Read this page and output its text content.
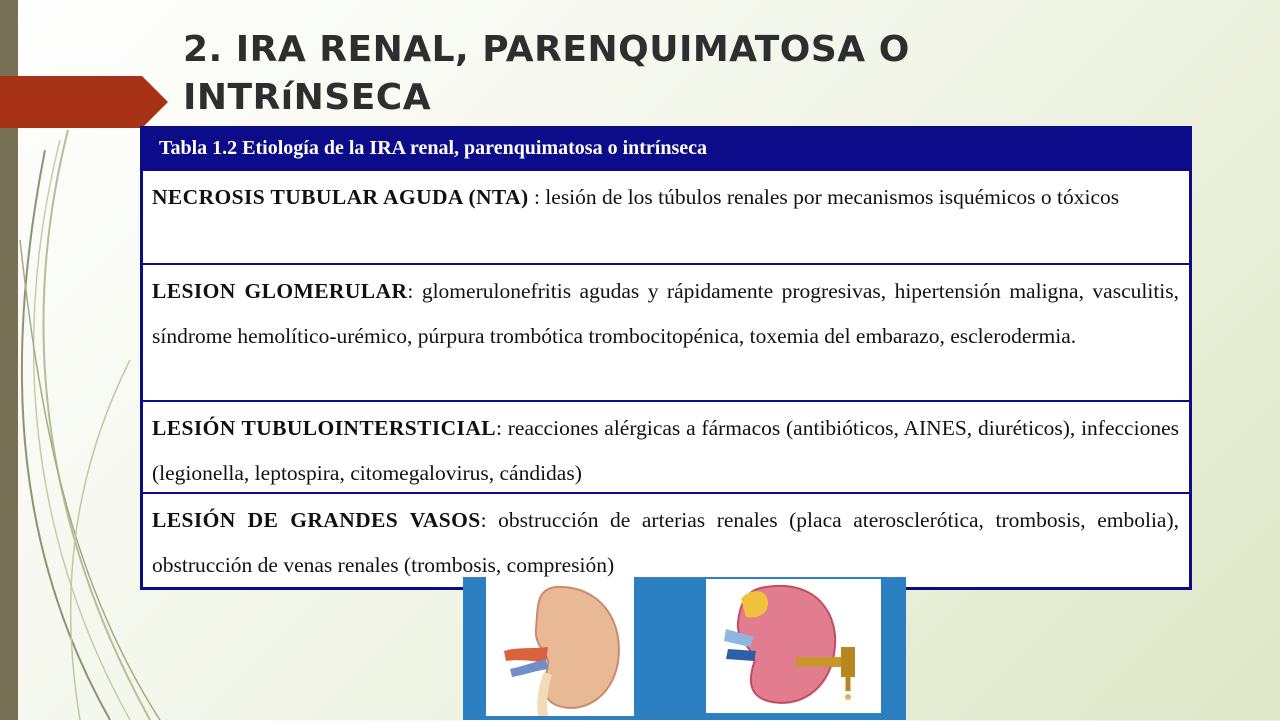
2. IRA RENAL, PARENQUIMATOSA O
INTRíNSECA
Tabla 1.2 Etiología de la IRA renal, parenquimatosa o intrínseca
NECROSIS TUBULAR AGUDA (NTA) : lesión de los túbulos renales por mecanismos isquémicos o tóxicos
LESION GLOMERULAR: glomerulonefritis agudas y rápidamente progresivas, hipertensión maligna, vasculitis, síndrome hemolítico-urémico, púrpura trombótica trombocitopénica, toxemia del embarazo, esclerodermia.
LESIÓN TUBULOINTERSTICIAL: reacciones alérgicas a fármacos (antibióticos, AINES, diuréticos), infecciones (legionella, leptospira, citomegalovirus, cándidas)
LESIÓN DE GRANDES VASOS: obstrucción de arterias renales (placa aterosclerótica, trombosis, embolia), obstrucción de venas renales (trombosis, compresión)
